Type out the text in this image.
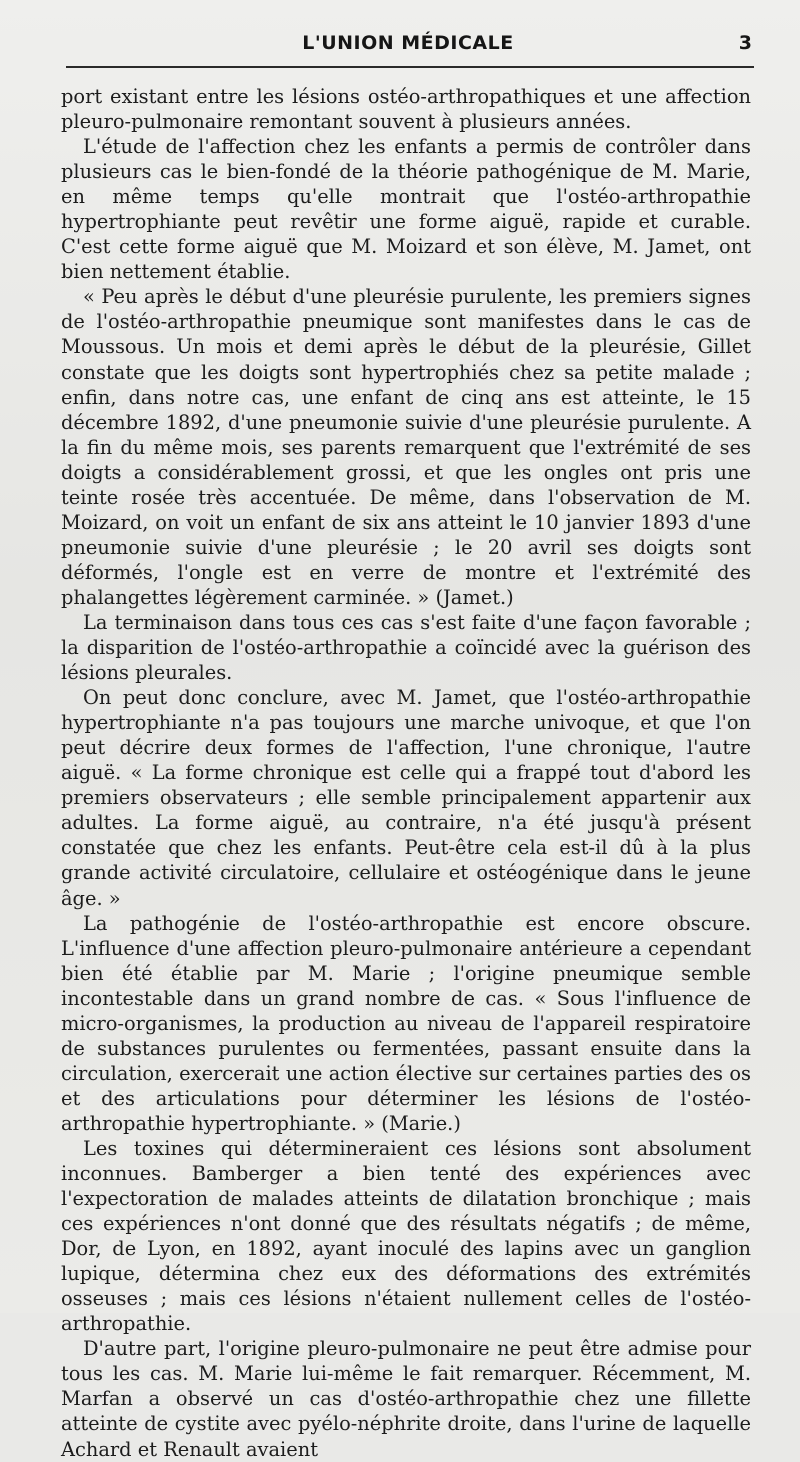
L'UNION MÉDICALE	3

port existant entre les lésions ostéo-arthropathiques et une affection pleuro-pulmonaire remontant souvent à plusieurs années.

L'étude de l'affection chez les enfants a permis de contrôler dans plusieurs cas le bien-fondé de la théorie pathogénique de M. Marie, en même temps qu'elle montrait que l'ostéo-arthropathie hypertrophiante peut revêtir une forme aiguë, rapide et curable. C'est cette forme aiguë que M. Moizard et son élève, M. Jamet, ont bien nettement établie.

« Peu après le début d'une pleurésie purulente, les premiers signes de l'ostéo-arthropathie pneumique sont manifestes dans le cas de Moussous. Un mois et demi après le début de la pleurésie, Gillet constate que les doigts sont hypertrophiés chez sa petite malade ; enfin, dans notre cas, une enfant de cinq ans est atteinte, le 15 décembre 1892, d'une pneumonie suivie d'une pleurésie purulente. A la fin du même mois, ses parents remarquent que l'extrémité de ses doigts a considérablement grossi, et que les ongles ont pris une teinte rosée très accentuée. De même, dans l'observation de M. Moizard, on voit un enfant de six ans atteint le 10 janvier 1893 d'une pneumonie suivie d'une pleurésie ; le 20 avril ses doigts sont déformés, l'ongle est en verre de montre et l'extrémité des phalangettes légèrement carminée. » (Jamet.)

La terminaison dans tous ces cas s'est faite d'une façon favorable ; la disparition de l'ostéo-arthropathie a coïncidé avec la guérison des lésions pleurales.

On peut donc conclure, avec M. Jamet, que l'ostéo-arthropathie hypertrophiante n'a pas toujours une marche univoque, et que l'on peut décrire deux formes de l'affection, l'une chronique, l'autre aiguë. « La forme chronique est celle qui a frappé tout d'abord les premiers observateurs ; elle semble principalement appartenir aux adultes. La forme aiguë, au contraire, n'a été jusqu'à présent constatée que chez les enfants. Peut-être cela est-il dû à la plus grande activité circulatoire, cellulaire et ostéogénique dans le jeune âge. »

La pathogénie de l'ostéo-arthropathie est encore obscure. L'influence d'une affection pleuro-pulmonaire antérieure a cependant bien été établie par M. Marie ; l'origine pneumique semble incontestable dans un grand nombre de cas. « Sous l'influence de micro-organismes, la production au niveau de l'appareil respiratoire de substances purulentes ou fermentées, passant ensuite dans la circulation, exercerait une action élective sur certaines parties des os et des articulations pour déterminer les lésions de l'ostéo-arthropathie hypertrophiante. » (Marie.)

Les toxines qui détermineraient ces lésions sont absolument inconnues. Bamberger a bien tenté des expériences avec l'expectoration de malades atteints de dilatation bronchique ; mais ces expériences n'ont donné que des résultats négatifs ; de même, Dor, de Lyon, en 1892, ayant inoculé des lapins avec un ganglion lupique, détermina chez eux des déformations des extrémités osseuses ; mais ces lésions n'étaient nullement celles de l'ostéo-arthropathie.

D'autre part, l'origine pleuro-pulmonaire ne peut être admise pour tous les cas. M. Marie lui-même le fait remarquer. Récemment, M. Marfan a observé un cas d'ostéo-arthropathie chez une fillette atteinte de cystite avec pyélo-néphrite droite, dans l'urine de laquelle Achard et Renault avaient
